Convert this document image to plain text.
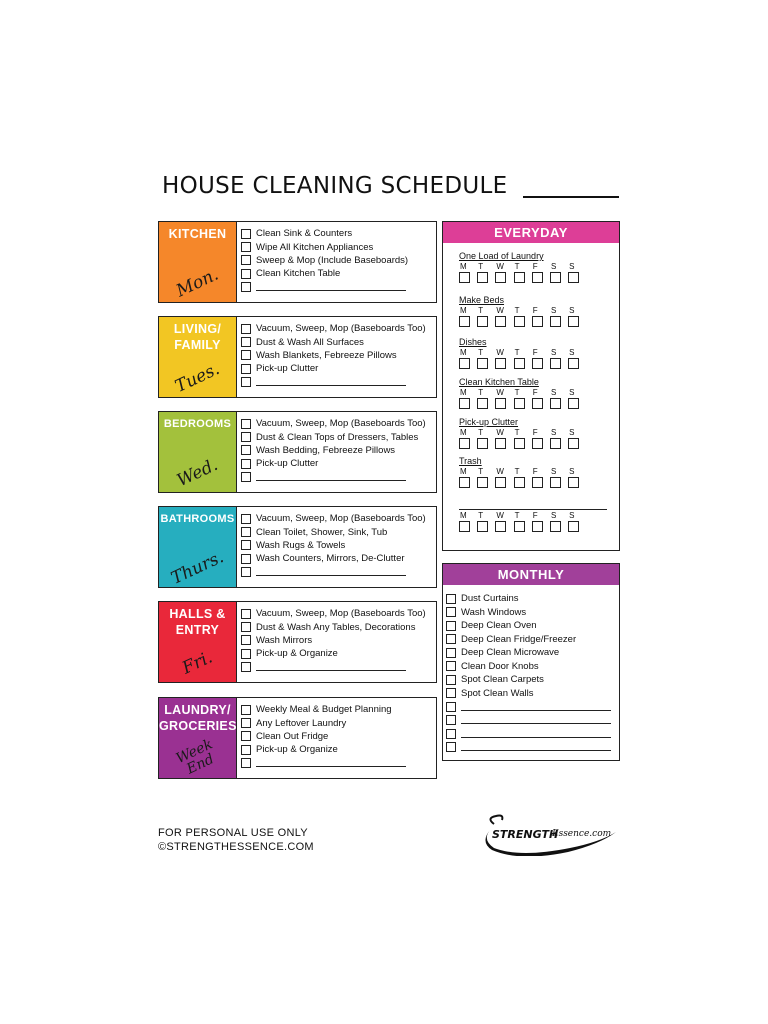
HOUSE CLEANING SCHEDULE
KITCHEN
Mon.
Clean Sink & Counters
Wipe All Kitchen Appliances
Sweep & Mop (Include Baseboards)
Clean Kitchen Table
LIVING/
FAMILY
Tues.
Vacuum, Sweep, Mop (Baseboards Too)
Dust & Wash All Surfaces
Wash Blankets, Febreeze Pillows
Pick-up Clutter
BEDROOMS
Wed.
Vacuum, Sweep, Mop (Baseboards Too)
Dust & Clean Tops of Dressers, Tables
Wash Bedding, Febreeze Pillows
Pick-up Clutter
BATHROOMS
Thurs.
Vacuum, Sweep, Mop (Baseboards Too)
Clean Toilet, Shower, Sink, Tub
Wash Rugs & Towels
Wash Counters, Mirrors, De-Clutter
HALLS &
ENTRY
Fri.
Vacuum, Sweep, Mop (Baseboards Too)
Dust & Wash Any Tables, Decorations
Wash Mirrors
Pick-up & Organize
LAUNDRY/
GROCERIES
Week
End
Weekly Meal & Budget Planning
Any Leftover Laundry
Clean Out Fridge
Pick-up & Organize
EVERYDAY
One Load of Laundry
M	T	W	T	F	S	S
Make Beds
M	T	W	T	F	S	S
Dishes
M	T	W	T	F	S	S
Clean Kitchen Table
M	T	W	T	F	S	S
Pick-up Clutter
M	T	W	T	F	S	S
Trash
M	T	W	T	F	S	S
M	T	W	T	F	S	S
MONTHLY
Dust Curtains
Wash Windows
Deep Clean Oven
Deep Clean Fridge/Freezer
Deep Clean Microwave
Clean Door Knobs
Spot Clean Carpets
Spot Clean Walls
FOR PERSONAL USE ONLY
©STRENGTHESSENCE.COM
STRENGTH
Essence.com
